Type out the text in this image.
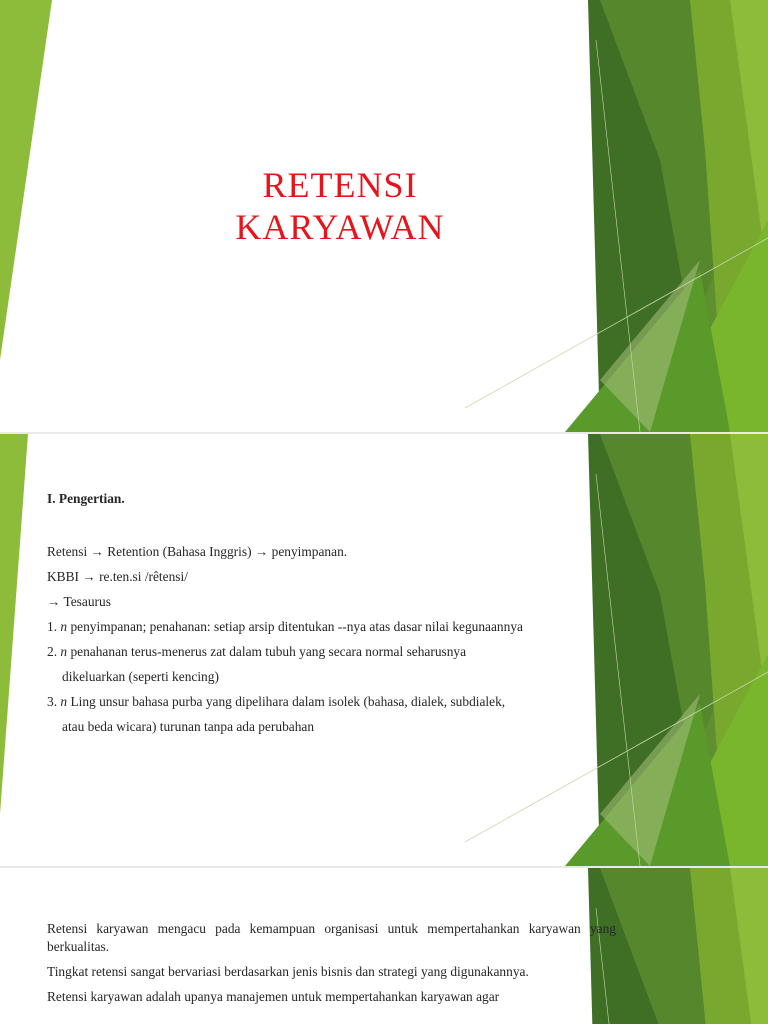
RETENSI
KARYAWAN
I. Pengertian.
Retensi → Retention (Bahasa Inggris) → penyimpanan.
KBBI → re.ten.si /rêtensi/
→ Tesaurus
1. n penyimpanan; penahanan: setiap arsip ditentukan --nya atas dasar nilai kegunaannya
2. n penahanan terus-menerus zat dalam tubuh yang secara normal seharusnya
dikeluarkan (seperti kencing)
3. n Ling unsur bahasa purba yang dipelihara dalam isolek (bahasa, dialek, subdialek,
atau beda wicara) turunan tanpa ada perubahan
Retensi karyawan mengacu pada kemampuan organisasi untuk mempertahankan karyawan yang berkualitas.
Tingkat retensi sangat bervariasi berdasarkan jenis bisnis dan strategi yang digunakannya.
Retensi karyawan adalah upanya manajemen untuk mempertahankan karyawan agar
